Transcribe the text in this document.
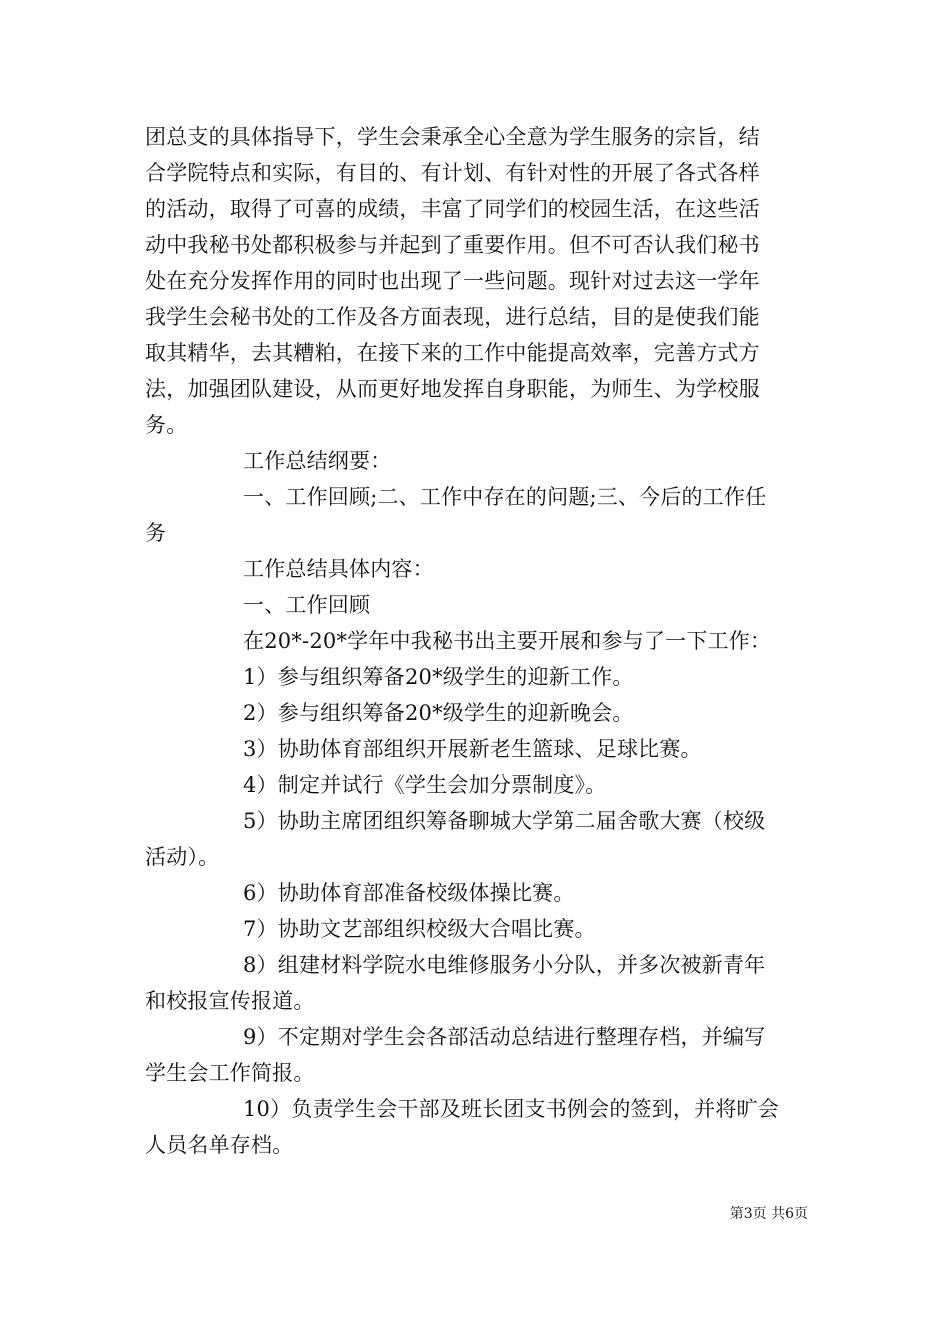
团总支的具体指导下，学生会秉承全心全意为学生服务的宗旨，结
合学院特点和实际，有目的、有计划、有针对性的开展了各式各样
的活动，取得了可喜的成绩，丰富了同学们的校园生活，在这些活
动中我秘书处都积极参与并起到了重要作用。但不可否认我们秘书
处在充分发挥作用的同时也出现了一些问题。现针对过去这一学年
我学生会秘书处的工作及各方面表现，进行总结，目的是使我们能
取其精华，去其糟粕，在接下来的工作中能提高效率，完善方式方
法，加强团队建设，从而更好地发挥自身职能，为师生、为学校服
务。
工作总结纲要：
一、工作回顾;二、工作中存在的问题;三、今后的工作任
务
工作总结具体内容：
一、工作回顾
在20*-20*学年中我秘书出主要开展和参与了一下工作：
1）参与组织筹备20*级学生的迎新工作。
2）参与组织筹备20*级学生的迎新晚会。
3）协助体育部组织开展新老生篮球、足球比赛。
4）制定并试行《学生会加分票制度》。
5）协助主席团组织筹备聊城大学第二届舍歌大赛（校级
活动）。
6）协助体育部准备校级体操比赛。
7）协助文艺部组织校级大合唱比赛。
8）组建材料学院水电维修服务小分队，并多次被新青年
和校报宣传报道。
9）不定期对学生会各部活动总结进行整理存档，并编写
学生会工作简报。
10）负责学生会干部及班长团支书例会的签到，并将旷会
人员名单存档。
第3页 共6页
